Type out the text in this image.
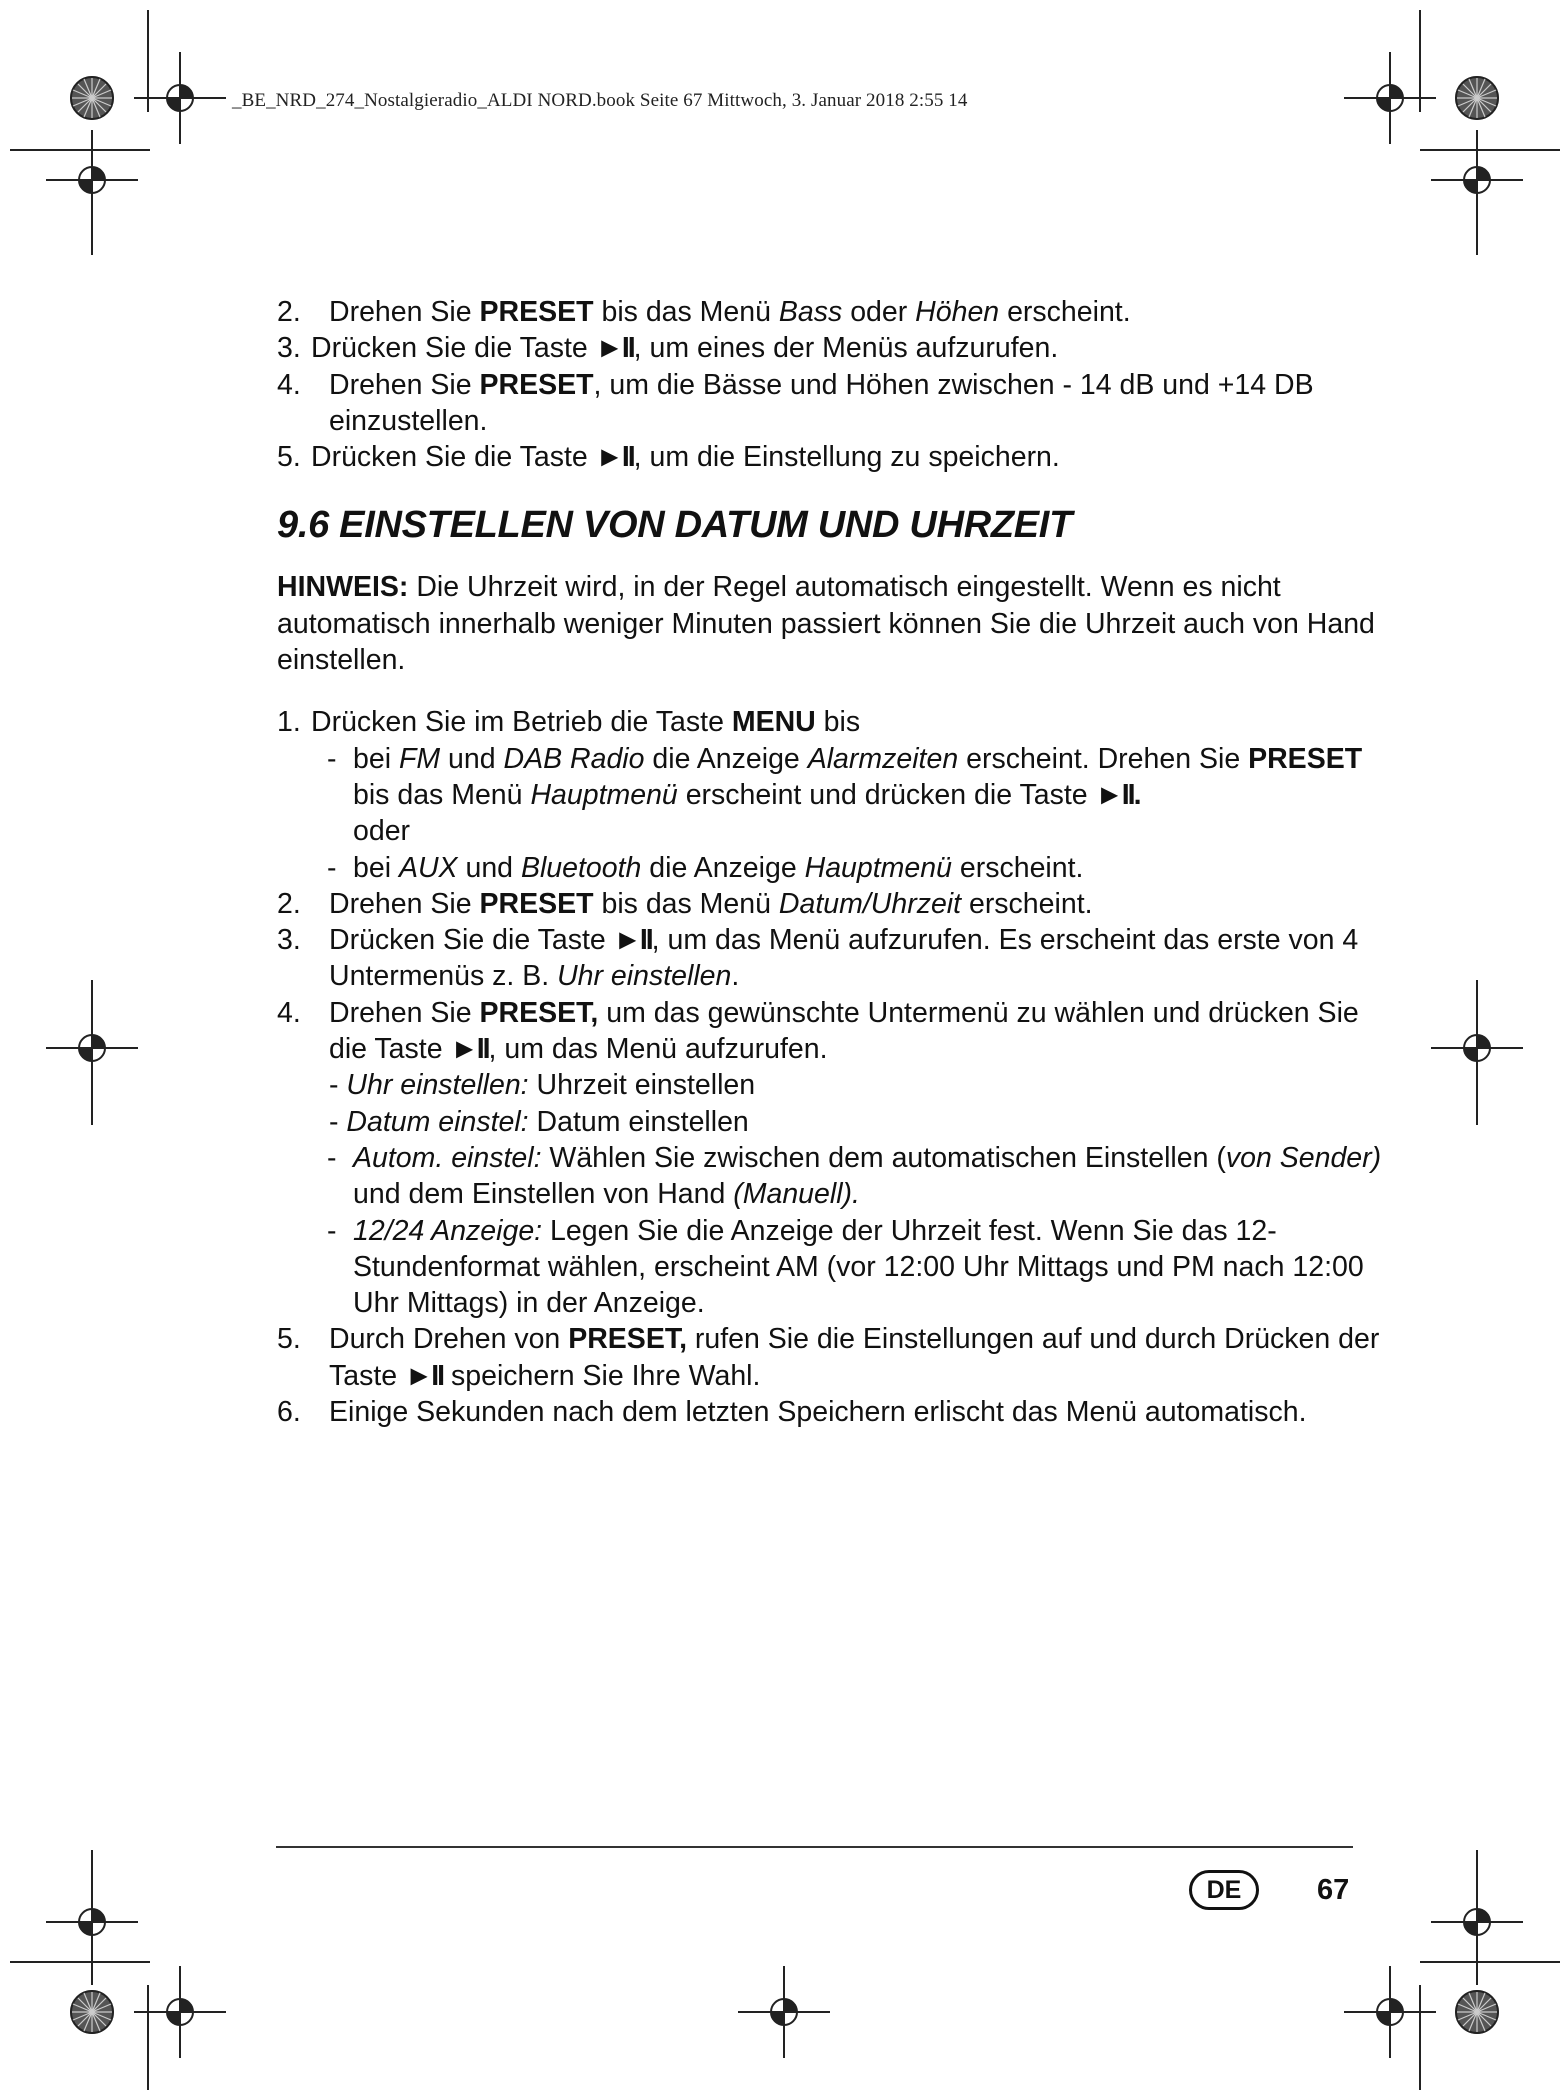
_BE_NRD_274_Nostalgieradio_ALDI NORD.book Seite 67 Mittwoch, 3. Januar 2018 2:55 14

2. Drehen Sie PRESET bis das Menü Bass oder Höhen erscheint.

3. Drücken Sie die Taste ►II, um eines der Menüs aufzurufen.

4. Drehen Sie PRESET, um die Bässe und Höhen zwischen - 14 dB und +14 DB einzustellen.

5. Drücken Sie die Taste ►II, um die Einstellung zu speichern.

9.6 EINSTELLEN VON DATUM UND UHRZEIT

HINWEIS: Die Uhrzeit wird, in der Regel automatisch eingestellt. Wenn es nicht automatisch innerhalb weniger Minuten passiert können Sie die Uhrzeit auch von Hand einstellen.

1. Drücken Sie im Betrieb die Taste MENU bis

- bei FM und DAB Radio die Anzeige Alarmzeiten erscheint. Drehen Sie PRESET bis das Menü Hauptmenü erscheint und drücken die Taste ►II.

oder

- bei AUX und Bluetooth die Anzeige Hauptmenü erscheint.

2. Drehen Sie PRESET bis das Menü Datum/Uhrzeit erscheint.

3. Drücken Sie die Taste ►II, um das Menü aufzurufen. Es erscheint das erste von 4 Untermenüs z. B. Uhr einstellen.

4. Drehen Sie PRESET, um das gewünschte Untermenü zu wählen und drücken Sie die Taste ►II, um das Menü aufzurufen.

- Uhr einstellen: Uhrzeit einstellen

- Datum einstel: Datum einstellen

- Autom. einstel: Wählen Sie zwischen dem automatischen Einstellen (von Sender) und dem Einstellen von Hand (Manuell).

- 12/24 Anzeige: Legen Sie die Anzeige der Uhrzeit fest. Wenn Sie das 12-Stundenformat wählen, erscheint AM (vor 12:00 Uhr Mittags und PM nach 12:00 Uhr Mittags) in der Anzeige.

5. Durch Drehen von PRESET, rufen Sie die Einstellungen auf und durch Drücken der Taste ►II speichern Sie Ihre Wahl.

6. Einige Sekunden nach dem letzten Speichern erlischt das Menü automatisch.

DE	67
